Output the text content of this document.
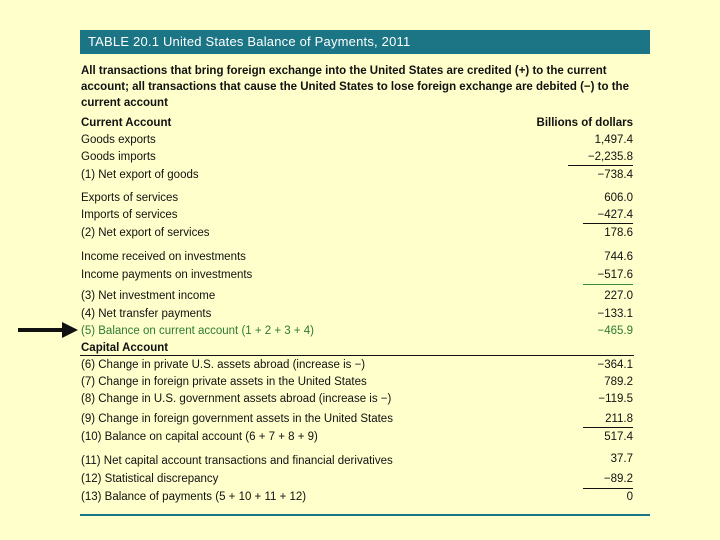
TABLE 20.1 United States Balance of Payments, 2011
All transactions that bring foreign exchange into the United States are credited (+) to the current account; all transactions that cause the United States to lose foreign exchange are debited (−) to the current account
Current Account	Billions of dollars
Goods exports	1,497.4
Goods imports	−2,235.8
(1) Net export of goods	−738.4
Exports of services	606.0
Imports of services	−427.4
(2) Net export of services	178.6
Income received on investments	744.6
Income payments on investments	−517.6
(3) Net investment income	227.0
(4) Net transfer payments	−133.1
(5) Balance on current account (1 + 2 + 3 + 4)	−465.9
Capital Account
(6) Change in private U.S. assets abroad (increase is −)	−364.1
(7) Change in foreign private assets in the United States	789.2
(8) Change in U.S. government assets abroad (increase is −)	−119.5
(9) Change in foreign government assets in the United States	211.8
(10) Balance on capital account (6 + 7 + 8 + 9)	517.4
(11) Net capital account transactions and financial derivatives	37.7
(12) Statistical discrepancy	−89.2
(13) Balance of payments (5 + 10 + 11 + 12)	0
